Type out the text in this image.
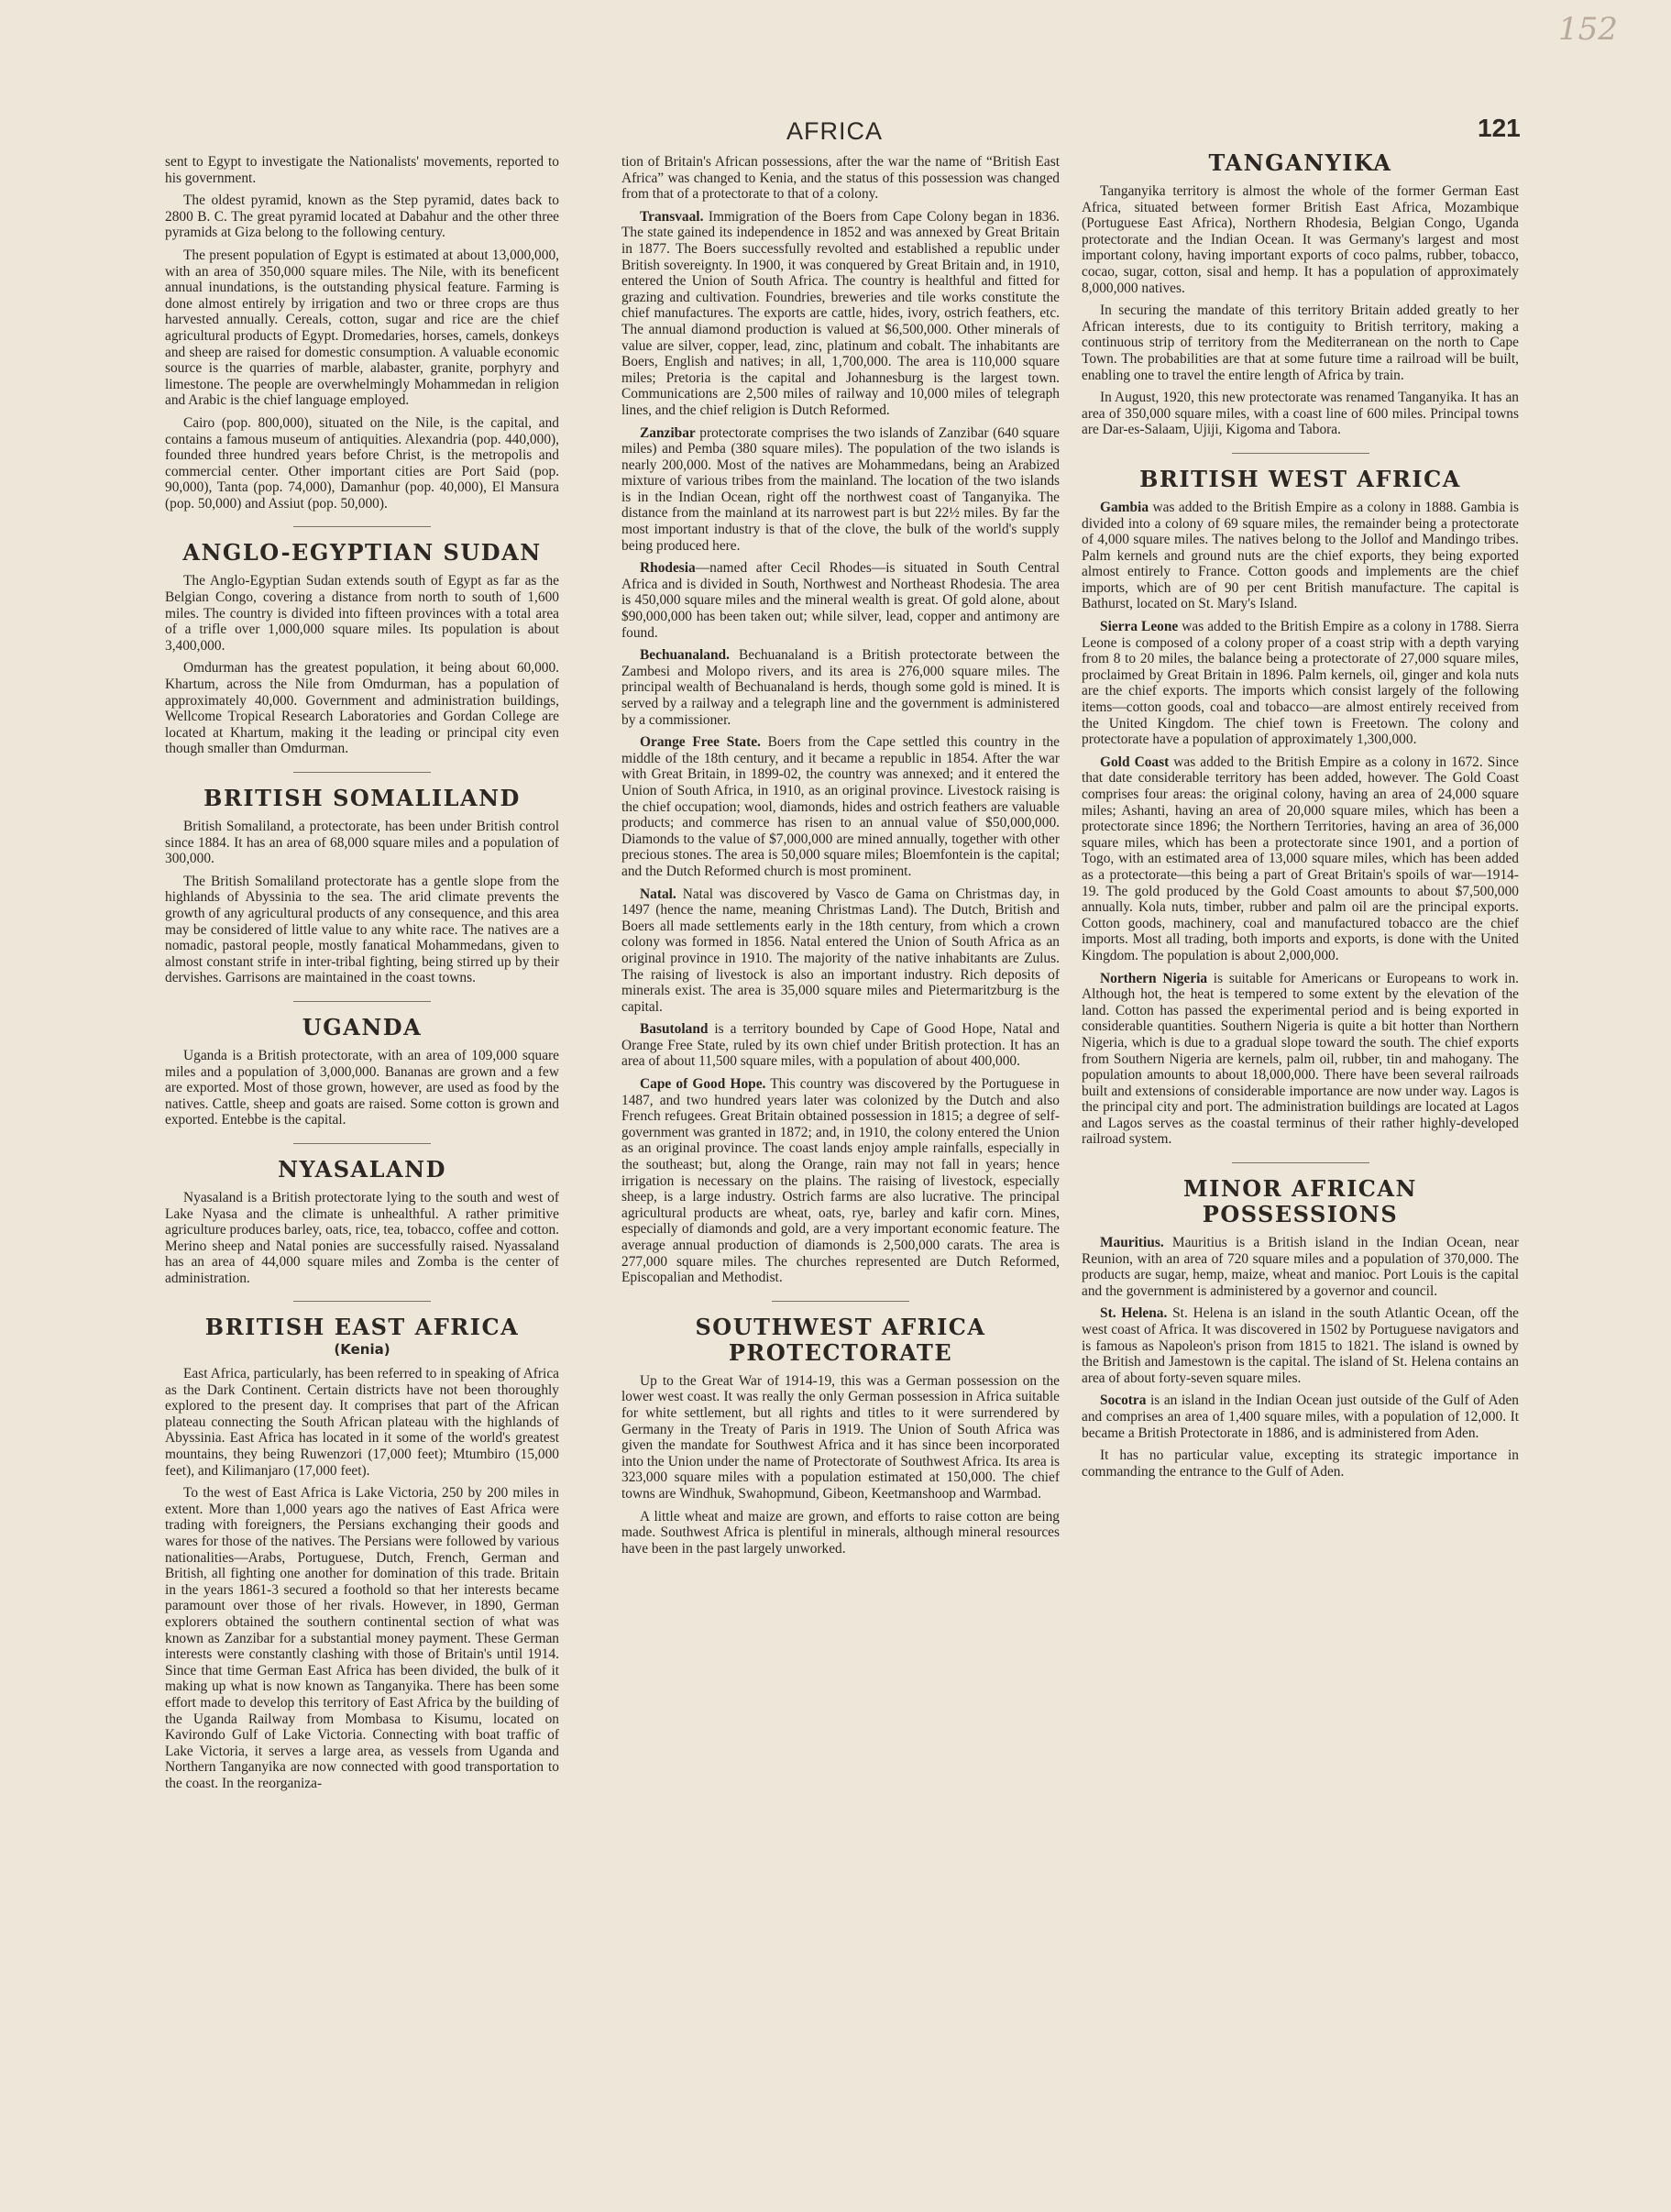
152
AFRICA	121

sent to Egypt to investigate the Nationalists' movements, reported to his government.

The oldest pyramid, known as the Step pyramid, dates back to 2800 B. C. The great pyramid located at Dabahur and the other three pyramids at Giza belong to the following century.

The present population of Egypt is estimated at about 13,000,000, with an area of 350,000 square miles. The Nile, with its beneficent annual inundations, is the outstanding physical feature. Farming is done almost entirely by irrigation and two or three crops are thus harvested annually. Cereals, cotton, sugar and rice are the chief agricultural products of Egypt. Dromedaries, horses, camels, donkeys and sheep are raised for domestic consumption. A valuable economic source is the quarries of marble, alabaster, granite, porphyry and limestone. The people are overwhelmingly Mohammedan in religion and Arabic is the chief language employed.

Cairo (pop. 800,000), situated on the Nile, is the capital, and contains a famous museum of antiquities. Alexandria (pop. 440,000), founded three hundred years before Christ, is the metropolis and commercial center. Other important cities are Port Said (pop. 90,000), Tanta (pop. 74,000), Damanhur (pop. 40,000), El Mansura (pop. 50,000) and Assiut (pop. 50,000).

ANGLO-EGYPTIAN SUDAN

The Anglo-Egyptian Sudan extends south of Egypt as far as the Belgian Congo, covering a distance from north to south of 1,600 miles. The country is divided into fifteen provinces with a total area of a trifle over 1,000,000 square miles. Its population is about 3,400,000.

Omdurman has the greatest population, it being about 60,000. Khartum, across the Nile from Omdurman, has a population of approximately 40,000. Government and administration buildings, Wellcome Tropical Research Laboratories and Gordan College are located at Khartum, making it the leading or principal city even though smaller than Omdurman.

BRITISH SOMALILAND

British Somaliland, a protectorate, has been under British control since 1884. It has an area of 68,000 square miles and a population of 300,000.

The British Somaliland protectorate has a gentle slope from the highlands of Abyssinia to the sea. The arid climate prevents the growth of any agricultural products of any consequence, and this area may be considered of little value to any white race. The natives are a nomadic, pastoral people, mostly fanatical Mohammedans, given to almost constant strife in inter-tribal fighting, being stirred up by their dervishes. Garrisons are maintained in the coast towns.

UGANDA

Uganda is a British protectorate, with an area of 109,000 square miles and a population of 3,000,000. Bananas are grown and a few are exported. Most of those grown, however, are used as food by the natives. Cattle, sheep and goats are raised. Some cotton is grown and exported. Entebbe is the capital.

NYASALAND

Nyasaland is a British protectorate lying to the south and west of Lake Nyasa and the climate is unhealthful. A rather primitive agriculture produces barley, oats, rice, tea, tobacco, coffee and cotton. Merino sheep and Natal ponies are successfully raised. Nyassaland has an area of 44,000 square miles and Zomba is the center of administration.

BRITISH EAST AFRICA
(Kenia)

East Africa, particularly, has been referred to in speaking of Africa as the Dark Continent. Certain districts have not been thoroughly explored to the present day. It comprises that part of the African plateau connecting the South African plateau with the highlands of Abyssinia. East Africa has located in it some of the world's greatest mountains, they being Ruwenzori (17,000 feet); Mtumbiro (15,000 feet), and Kilimanjaro (17,000 feet).

To the west of East Africa is Lake Victoria, 250 by 200 miles in extent. More than 1,000 years ago the natives of East Africa were trading with foreigners, the Persians exchanging their goods and wares for those of the natives. The Persians were followed by various nationalities—Arabs, Portuguese, Dutch, French, German and British, all fighting one another for domination of this trade. Britain in the years 1861-3 secured a foothold so that her interests became paramount over those of her rivals. However, in 1890, German explorers obtained the southern continental section of what was known as Zanzibar for a substantial money payment. These German interests were constantly clashing with those of Britain's until 1914. Since that time German East Africa has been divided, the bulk of it making up what is now known as Tanganyika. There has been some effort made to develop this territory of East Africa by the building of the Uganda Railway from Mombasa to Kisumu, located on Kavirondo Gulf of Lake Victoria. Connecting with boat traffic of Lake Victoria, it serves a large area, as vessels from Uganda and Northern Tanganyika are now connected with good transportation to the coast. In the reorganiza-

tion of Britain's African possessions, after the war the name of “British East Africa” was changed to Kenia, and the status of this possession was changed from that of a protectorate to that of a colony.

Transvaal. Immigration of the Boers from Cape Colony began in 1836. The state gained its independence in 1852 and was annexed by Great Britain in 1877. The Boers successfully revolted and established a republic under British sovereignty. In 1900, it was conquered by Great Britain and, in 1910, entered the Union of South Africa. The country is healthful and fitted for grazing and cultivation. Foundries, breweries and tile works constitute the chief manufactures. The exports are cattle, hides, ivory, ostrich feathers, etc. The annual diamond production is valued at $6,500,000. Other minerals of value are silver, copper, lead, zinc, platinum and cobalt. The inhabitants are Boers, English and natives; in all, 1,700,000. The area is 110,000 square miles; Pretoria is the capital and Johannesburg is the largest town. Communications are 2,500 miles of railway and 10,000 miles of telegraph lines, and the chief religion is Dutch Reformed.

Zanzibar protectorate comprises the two islands of Zanzibar (640 square miles) and Pemba (380 square miles). The population of the two islands is nearly 200,000. Most of the natives are Mohammedans, being an Arabized mixture of various tribes from the mainland. The location of the two islands is in the Indian Ocean, right off the northwest coast of Tanganyika. The distance from the mainland at its narrowest part is but 22½ miles. By far the most important industry is that of the clove, the bulk of the world's supply being produced here.

Rhodesia—named after Cecil Rhodes—is situated in South Central Africa and is divided in South, Northwest and Northeast Rhodesia. The area is 450,000 square miles and the mineral wealth is great. Of gold alone, about $90,000,000 has been taken out; while silver, lead, copper and antimony are found.

Bechuanaland. Bechuanaland is a British protectorate between the Zambesi and Molopo rivers, and its area is 276,000 square miles. The principal wealth of Bechuanaland is herds, though some gold is mined. It is served by a railway and a telegraph line and the government is administered by a commissioner.

Orange Free State. Boers from the Cape settled this country in the middle of the 18th century, and it became a republic in 1854. After the war with Great Britain, in 1899-02, the country was annexed; and it entered the Union of South Africa, in 1910, as an original province. Livestock raising is the chief occupation; wool, diamonds, hides and ostrich feathers are valuable products; and commerce has risen to an annual value of $50,000,000. Diamonds to the value of $7,000,000 are mined annually, together with other precious stones. The area is 50,000 square miles; Bloemfontein is the capital; and the Dutch Reformed church is most prominent.

Natal. Natal was discovered by Vasco de Gama on Christmas day, in 1497 (hence the name, meaning Christmas Land). The Dutch, British and Boers all made settlements early in the 18th century, from which a crown colony was formed in 1856. Natal entered the Union of South Africa as an original province in 1910. The majority of the native inhabitants are Zulus. The raising of livestock is also an important industry. Rich deposits of minerals exist. The area is 35,000 square miles and Pietermaritzburg is the capital.

Basutoland is a territory bounded by Cape of Good Hope, Natal and Orange Free State, ruled by its own chief under British protection. It has an area of about 11,500 square miles, with a population of about 400,000.

Cape of Good Hope. This country was discovered by the Portuguese in 1487, and two hundred years later was colonized by the Dutch and also French refugees. Great Britain obtained possession in 1815; a degree of self-government was granted in 1872; and, in 1910, the colony entered the Union as an original province. The coast lands enjoy ample rainfalls, especially in the southeast; but, along the Orange, rain may not fall in years; hence irrigation is necessary on the plains. The raising of livestock, especially sheep, is a large industry. Ostrich farms are also lucrative. The principal agricultural products are wheat, oats, rye, barley and kafir corn. Mines, especially of diamonds and gold, are a very important economic feature. The average annual production of diamonds is 2,500,000 carats. The area is 277,000 square miles. The churches represented are Dutch Reformed, Episcopalian and Methodist.

SOUTHWEST AFRICA PROTECTORATE

Up to the Great War of 1914-19, this was a German possession on the lower west coast. It was really the only German possession in Africa suitable for white settlement, but all rights and titles to it were surrendered by Germany in the Treaty of Paris in 1919. The Union of South Africa was given the mandate for Southwest Africa and it has since been incorporated into the Union under the name of Protectorate of Southwest Africa. Its area is 323,000 square miles with a population estimated at 150,000. The chief towns are Windhuk, Swahopmund, Gibeon, Keetmanshoop and Warmbad.

A little wheat and maize are grown, and efforts to raise cotton are being made. Southwest Africa is plentiful in minerals, although mineral resources have been in the past largely unworked.

TANGANYIKA

Tanganyika territory is almost the whole of the former German East Africa, situated between former British East Africa, Mozambique (Portuguese East Africa), Northern Rhodesia, Belgian Congo, Uganda protectorate and the Indian Ocean. It was Germany's largest and most important colony, having important exports of coco palms, rubber, tobacco, cocao, sugar, cotton, sisal and hemp. It has a population of approximately 8,000,000 natives.

In securing the mandate of this territory Britain added greatly to her African interests, due to its contiguity to British territory, making a continuous strip of territory from the Mediterranean on the north to Cape Town. The probabilities are that at some future time a railroad will be built, enabling one to travel the entire length of Africa by train.

In August, 1920, this new protectorate was renamed Tanganyika. It has an area of 350,000 square miles, with a coast line of 600 miles. Principal towns are Dar-es-Salaam, Ujiji, Kigoma and Tabora.

BRITISH WEST AFRICA

Gambia was added to the British Empire as a colony in 1888. Gambia is divided into a colony of 69 square miles, the remainder being a protectorate of 4,000 square miles. The natives belong to the Jollof and Mandingo tribes. Palm kernels and ground nuts are the chief exports, they being exported almost entirely to France. Cotton goods and implements are the chief imports, which are of 90 per cent British manufacture. The capital is Bathurst, located on St. Mary's Island.

Sierra Leone was added to the British Empire as a colony in 1788. Sierra Leone is composed of a colony proper of a coast strip with a depth varying from 8 to 20 miles, the balance being a protectorate of 27,000 square miles, proclaimed by Great Britain in 1896. Palm kernels, oil, ginger and kola nuts are the chief exports. The imports which consist largely of the following items—cotton goods, coal and tobacco—are almost entirely received from the United Kingdom. The chief town is Freetown. The colony and protectorate have a population of approximately 1,300,000.

Gold Coast was added to the British Empire as a colony in 1672. Since that date considerable territory has been added, however. The Gold Coast comprises four areas: the original colony, having an area of 24,000 square miles; Ashanti, having an area of 20,000 square miles, which has been a protectorate since 1896; the Northern Territories, having an area of 36,000 square miles, which has been a protectorate since 1901, and a portion of Togo, with an estimated area of 13,000 square miles, which has been added as a protectorate—this being a part of Great Britain's spoils of war—1914-19. The gold produced by the Gold Coast amounts to about $7,500,000 annually. Kola nuts, timber, rubber and palm oil are the principal exports. Cotton goods, machinery, coal and manufactured tobacco are the chief imports. Most all trading, both imports and exports, is done with the United Kingdom. The population is about 2,000,000.

Northern Nigeria is suitable for Americans or Europeans to work in. Although hot, the heat is tempered to some extent by the elevation of the land. Cotton has passed the experimental period and is being exported in considerable quantities. Southern Nigeria is quite a bit hotter than Northern Nigeria, which is due to a gradual slope toward the south. The chief exports from Southern Nigeria are kernels, palm oil, rubber, tin and mahogany. The population amounts to about 18,000,000. There have been several railroads built and extensions of considerable importance are now under way. Lagos is the principal city and port. The administration buildings are located at Lagos and Lagos serves as the coastal terminus of their rather highly-developed railroad system.

MINOR AFRICAN POSSESSIONS

Mauritius. Mauritius is a British island in the Indian Ocean, near Reunion, with an area of 720 square miles and a population of 370,000. The products are sugar, hemp, maize, wheat and manioc. Port Louis is the capital and the government is administered by a governor and council.

St. Helena. St. Helena is an island in the south Atlantic Ocean, off the west coast of Africa. It was discovered in 1502 by Portuguese navigators and is famous as Napoleon's prison from 1815 to 1821. The island is owned by the British and Jamestown is the capital. The island of St. Helena contains an area of about forty-seven square miles.

Socotra is an island in the Indian Ocean just outside of the Gulf of Aden and comprises an area of 1,400 square miles, with a population of 12,000. It became a British Protectorate in 1886, and is administered from Aden.

It has no particular value, excepting its strategic importance in commanding the entrance to the Gulf of Aden.
